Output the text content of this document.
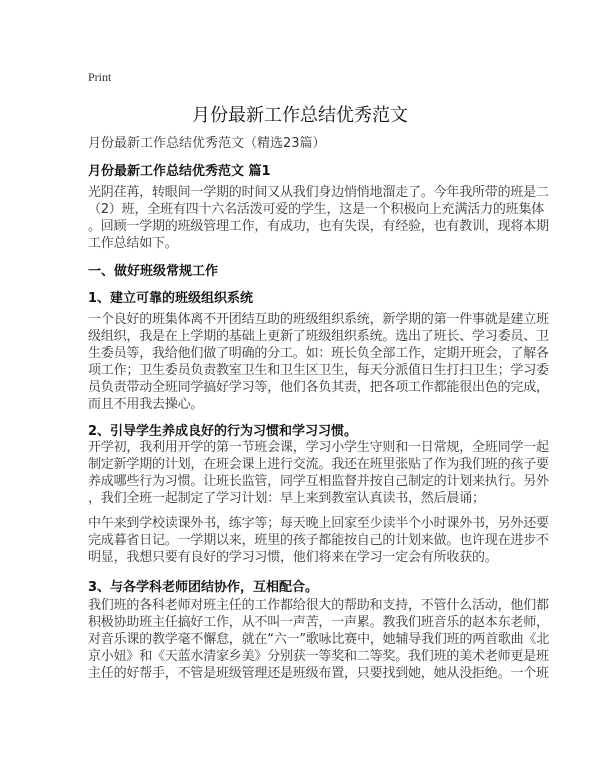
Print
月份最新工作总结优秀范文
月份最新工作总结优秀范文（精选23篇）
月份最新工作总结优秀范文 篇1
光阴荏苒，转眼间一学期的时间又从我们身边悄悄地溜走了。今年我所带的班是二
（2）班，全班有四十六名活泼可爱的学生，这是一个积极向上充满活力的班集体
。回顾一学期的班级管理工作，有成功，也有失误，有经验，也有教训，现将本期
工作总结如下。
一、做好班级常规工作
1、建立可靠的班级组织系统
一个良好的班集体离不开团结互助的班级组织系统，新学期的第一件事就是建立班
级组织，我是在上学期的基础上更新了班级组织系统。选出了班长、学习委员、卫
生委员等，我给他们做了明确的分工。如：班长负全部工作，定期开班会，了解各
项工作；卫生委员负责教室卫生和卫生区卫生，每天分派值日生打扫卫生；学习委
员负责带动全班同学搞好学习等，他们各负其责，把各项工作都能很出色的完成，
而且不用我去操心。
2、引导学生养成良好的行为习惯和学习习惯。
开学初，我利用开学的第一节班会课，学习小学生守则和一日常规，全班同学一起
制定新学期的计划，在班会课上进行交流。我还在班里张贴了作为我们班的孩子要
养成哪些行为习惯。让班长监管，同学互相监督并按自己制定的计划来执行。另外
，我们全班一起制定了学习计划：早上来到教室认真读书，然后晨诵；
中午来到学校读课外书，练字等；每天晚上回家至少读半个小时课外书，另外还要
完成暮省日记。一学期以来，班里的孩子都能按自己的计划来做。也许现在进步不
明显，我想只要有良好的学习习惯，他们将来在学习一定会有所收获的。
3、与各学科老师团结协作，互相配合。
我们班的各科老师对班主任的工作都给很大的帮助和支持，不管什么活动，他们都
积极协助班主任搞好工作，从不叫一声苦，一声累。教我们班音乐的赵本东老师，
对音乐课的教学毫不懈怠，就在“六一”歌咏比赛中，她辅导我们班的两首歌曲《北
京小妞》和《天蓝水清家乡美》分别获一等奖和二等奖。我们班的美术老师更是班
主任的好帮手，不管是班级管理还是班级布置，只要找到她，她从没拒绝。一个班
